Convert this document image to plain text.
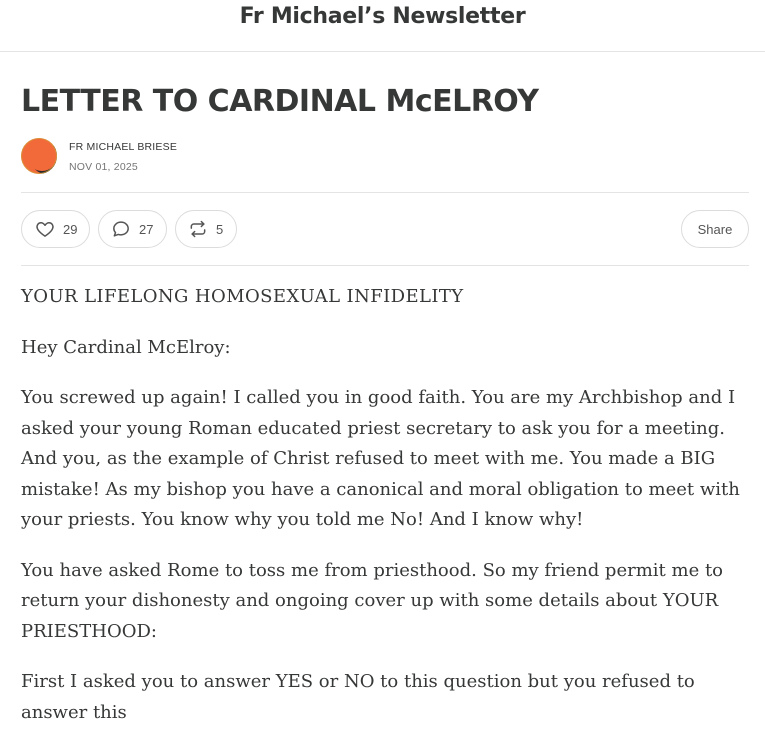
Fr Michael’s Newsletter
LETTER TO CARDINAL McELROY
FR MICHAEL BRIESE
NOV 01, 2025
29	27	5	Share

YOUR LIFELONG HOMOSEXUAL INFIDELITY

Hey Cardinal McElroy:

You screwed up again! I called you in good faith. You are my Archbishop and I asked your young Roman educated priest secretary to ask you for a meeting. And you, as the example of Christ refused to meet with me. You made a BIG mistake! As my bishop you have a canonical and moral obligation to meet with your priests. You know why you told me No! And I know why!

You have asked Rome to toss me from priesthood. So my friend permit me to return your dishonesty and ongoing cover up with some details about YOUR PRIESTHOOD:

First I asked you to answer YES or NO to this question but you refused to answer this
